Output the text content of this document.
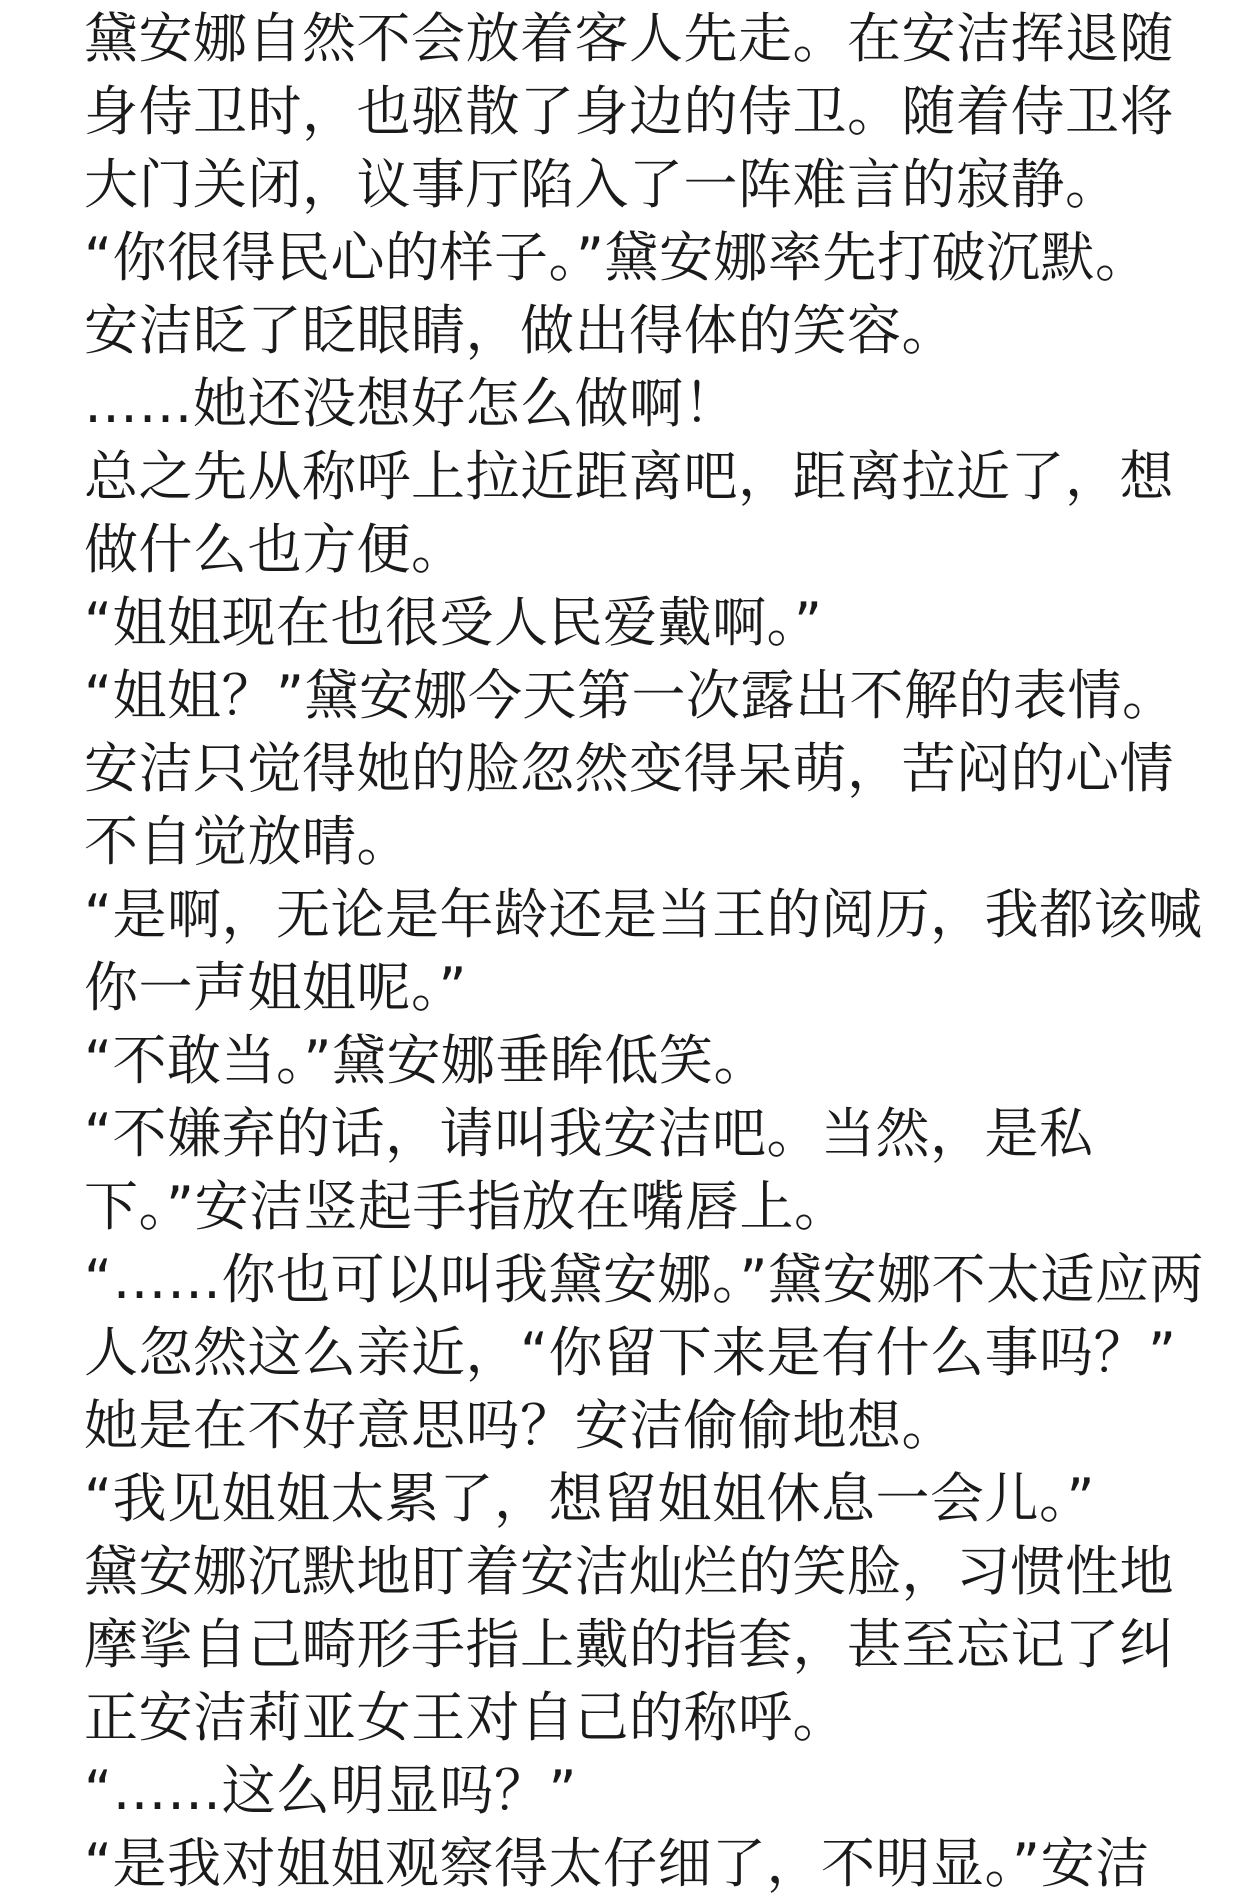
黛安娜自然不会放着客人先走。在安洁挥退随
身侍卫时，也驱散了身边的侍卫。随着侍卫将
大门关闭，议事厅陷入了一阵难言的寂静。
“你很得民心的样子。”黛安娜率先打破沉默。
安洁眨了眨眼睛，做出得体的笑容。
……她还没想好怎么做啊！
总之先从称呼上拉近距离吧，距离拉近了，想
做什么也方便。
“姐姐现在也很受人民爱戴啊。”
“姐姐？”黛安娜今天第一次露出不解的表情。
安洁只觉得她的脸忽然变得呆萌，苦闷的心情
不自觉放晴。
“是啊，无论是年龄还是当王的阅历，我都该喊
你一声姐姐呢。”
“不敢当。”黛安娜垂眸低笑。
“不嫌弃的话，请叫我安洁吧。当然，是私
下。”安洁竖起手指放在嘴唇上。
“……你也可以叫我黛安娜。”黛安娜不太适应两
人忽然这么亲近，“你留下来是有什么事吗？”
她是在不好意思吗？安洁偷偷地想。
“我见姐姐太累了，想留姐姐休息一会儿。”
黛安娜沉默地盯着安洁灿烂的笑脸，习惯性地
摩挲自己畸形手指上戴的指套，甚至忘记了纠
正安洁莉亚女王对自己的称呼。
“……这么明显吗？”
“是我对姐姐观察得太仔细了，不明显。”安洁
